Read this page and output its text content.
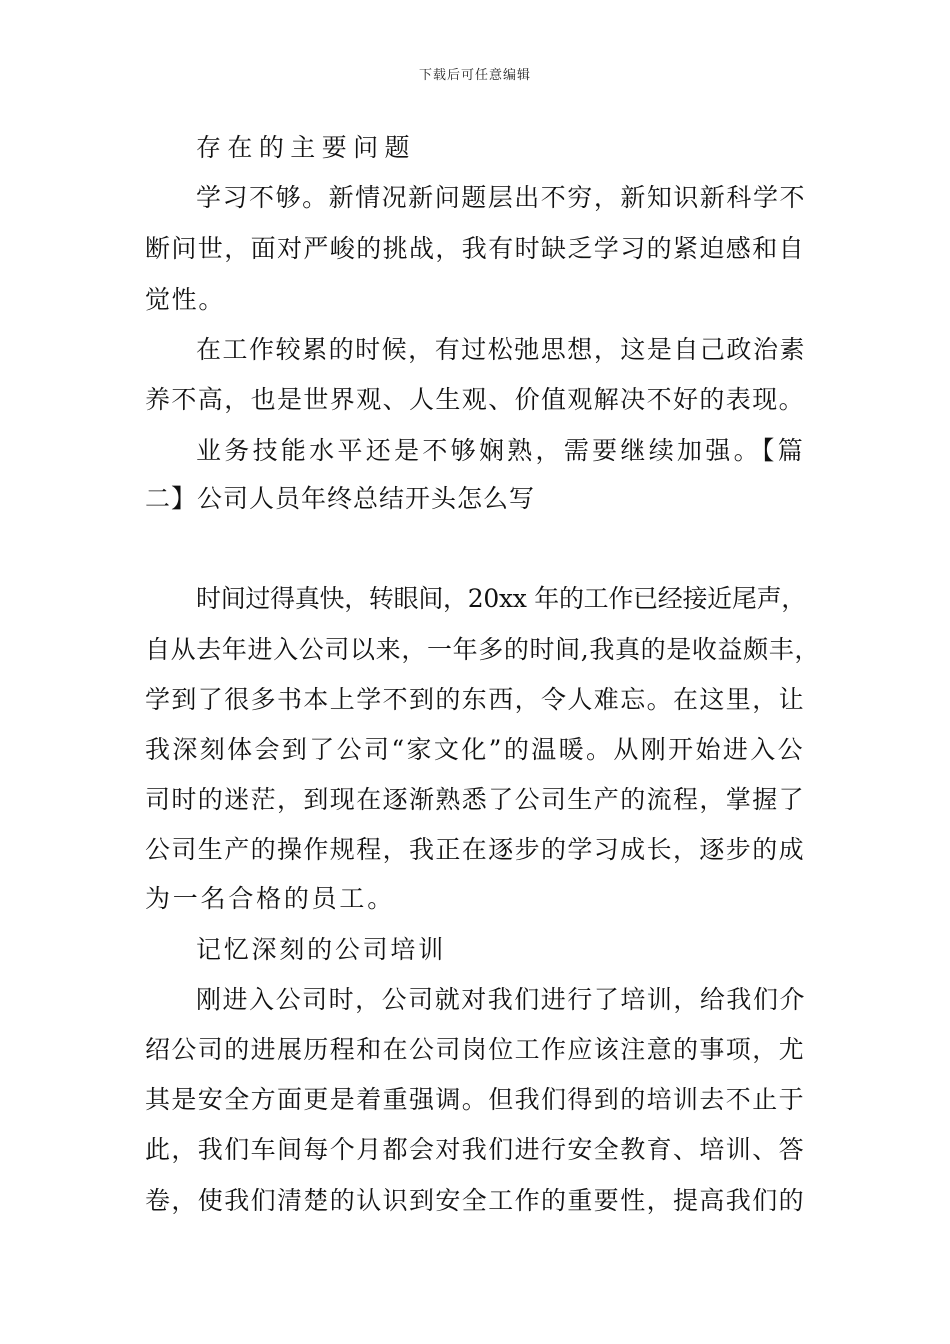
下载后可任意编辑
存在的主要问题
学习不够。新情况新问题层出不穷，新知识新科学不
断问世，面对严峻的挑战，我有时缺乏学习的紧迫感和自
觉性。
在工作较累的时候，有过松弛思想，这是自己政治素
养不高，也是世界观、人生观、价值观解决不好的表现。
业务技能水平还是不够娴熟，需要继续加强。【篇
二】公司人员年终总结开头怎么写
时间过得真快，转眼间，20xx 年的工作已经接近尾声，
自从去年进入公司以来，一年多的时间,我真的是收益颇丰，
学到了很多书本上学不到的东西，令人难忘。在这里，让
我深刻体会到了公司“家文化”的温暖。从刚开始进入公
司时的迷茫，到现在逐渐熟悉了公司生产的流程，掌握了
公司生产的操作规程，我正在逐步的学习成长，逐步的成
为一名合格的员工。
记忆深刻的公司培训
刚进入公司时，公司就对我们进行了培训，给我们介
绍公司的进展历程和在公司岗位工作应该注意的事项，尤
其是安全方面更是着重强调。但我们得到的培训去不止于
此，我们车间每个月都会对我们进行安全教育、培训、答
卷，使我们清楚的认识到安全工作的重要性，提高我们的
